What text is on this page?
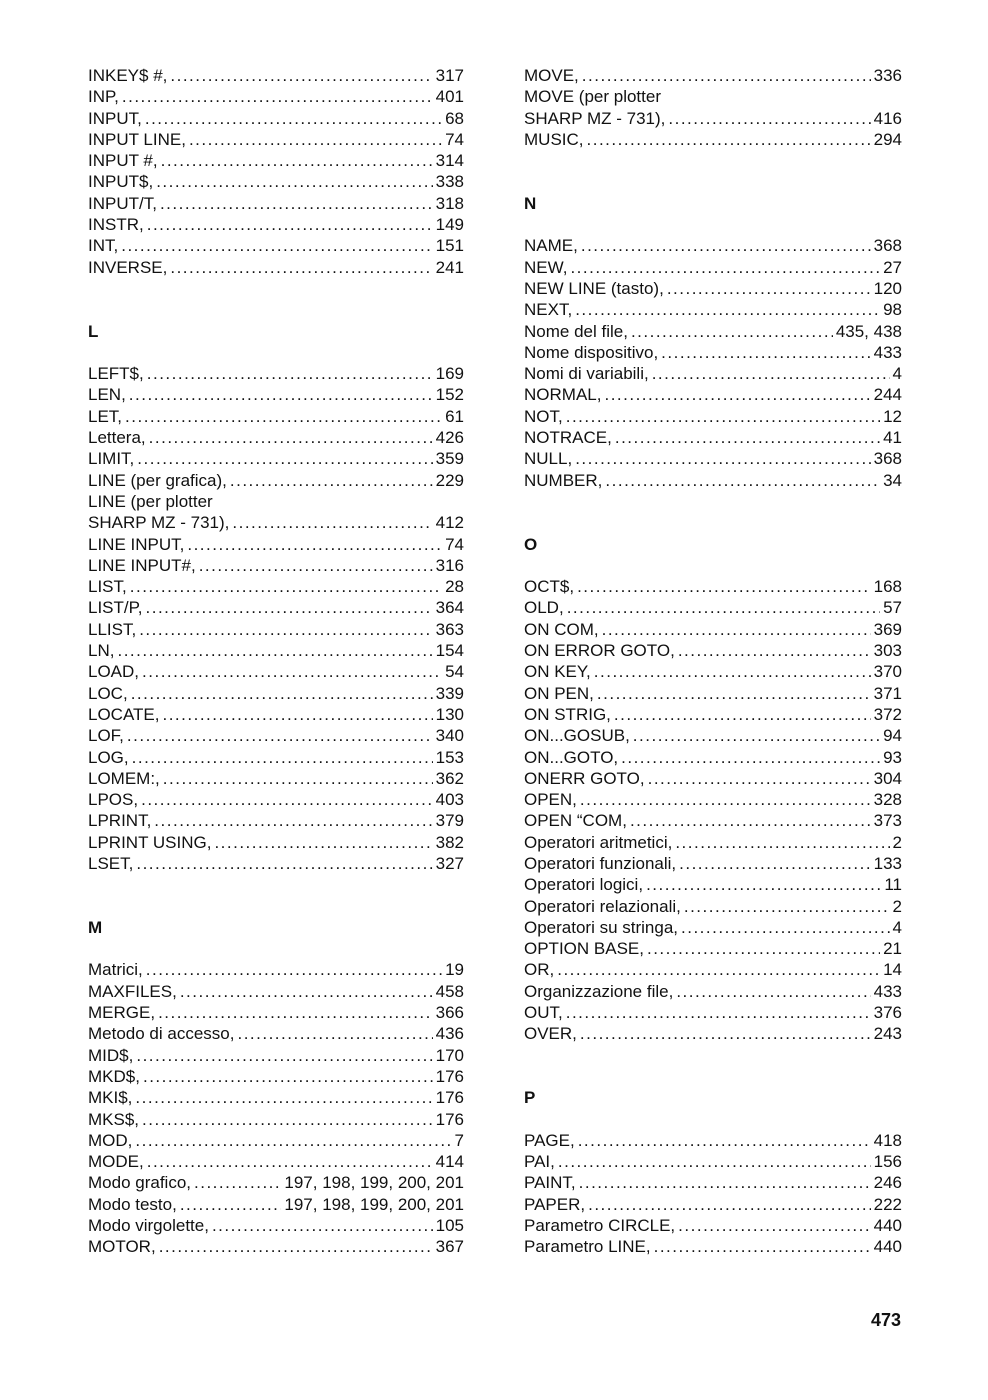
INKEY$ #, .....	317
INP, .....	401
INPUT, .....	68
INPUT LINE, .....	74
INPUT #, .....	314
INPUT$, .....	338
INPUT/T, .....	318
INSTR, .....	149
INT, .....	151
INVERSE, .....	241
L
LEFT$, .....	169
LEN, .....	152
LET, .....	61
Lettera, .....	426
LIMIT, .....	359
LINE (per grafica), .....	229
LINE (per plotter
SHARP MZ - 731), .....	412
LINE INPUT, .....	74
LINE INPUT#, .....	316
LIST, .....	28
LIST/P, .....	364
LLIST, .....	363
LN, .....	154
LOAD, .....	54
LOC, .....	339
LOCATE, .....	130
LOF, .....	340
LOG, .....	153
LOMEM:, .....	362
LPOS, .....	403
LPRINT, .....	379
LPRINT USING, .....	382
LSET, .....	327
M
Matrici, .....	19
MAXFILES, .....	458
MERGE, .....	366
Metodo di accesso, .....	436
MID$, .....	170
MKD$, .....	176
MKI$, .....	176
MKS$, .....	176
MOD, .....	7
MODE, .....	414
Modo grafico, .....	197, 198, 199, 200, 201
Modo testo, .....	197, 198, 199, 200, 201
Modo virgolette, .....	105
MOTOR, .....	367
MOVE, .....	336
MOVE (per plotter
SHARP MZ - 731), .....	416
MUSIC, .....	294
N
NAME, .....	368
NEW, .....	27
NEW LINE (tasto), .....	120
NEXT, .....	98
Nome del file, .....	435, 438
Nome dispositivo, .....	433
Nomi di variabili, .....	4
NORMAL, .....	244
NOT, .....	12
NOTRACE, .....	41
NULL, .....	368
NUMBER, .....	34
O
OCT$, .....	168
OLD, .....	57
ON COM, .....	369
ON ERROR GOTO, .....	303
ON KEY, .....	370
ON PEN, .....	371
ON STRIG, .....	372
ON...GOSUB, .....	94
ON...GOTO, .....	93
ONERR GOTO, .....	304
OPEN, .....	328
OPEN “COM, .....	373
Operatori aritmetici, .....	2
Operatori funzionali, .....	133
Operatori logici, .....	11
Operatori relazionali, .....	2
Operatori su stringa, .....	4
OPTION BASE, .....	21
OR, .....	14
Organizzazione file, .....	433
OUT, .....	376
OVER, .....	243
P
PAGE, .....	418
PAI, .....	156
PAINT, .....	246
PAPER, .....	222
Parametro CIRCLE, .....	440
Parametro LINE, .....	440
473
